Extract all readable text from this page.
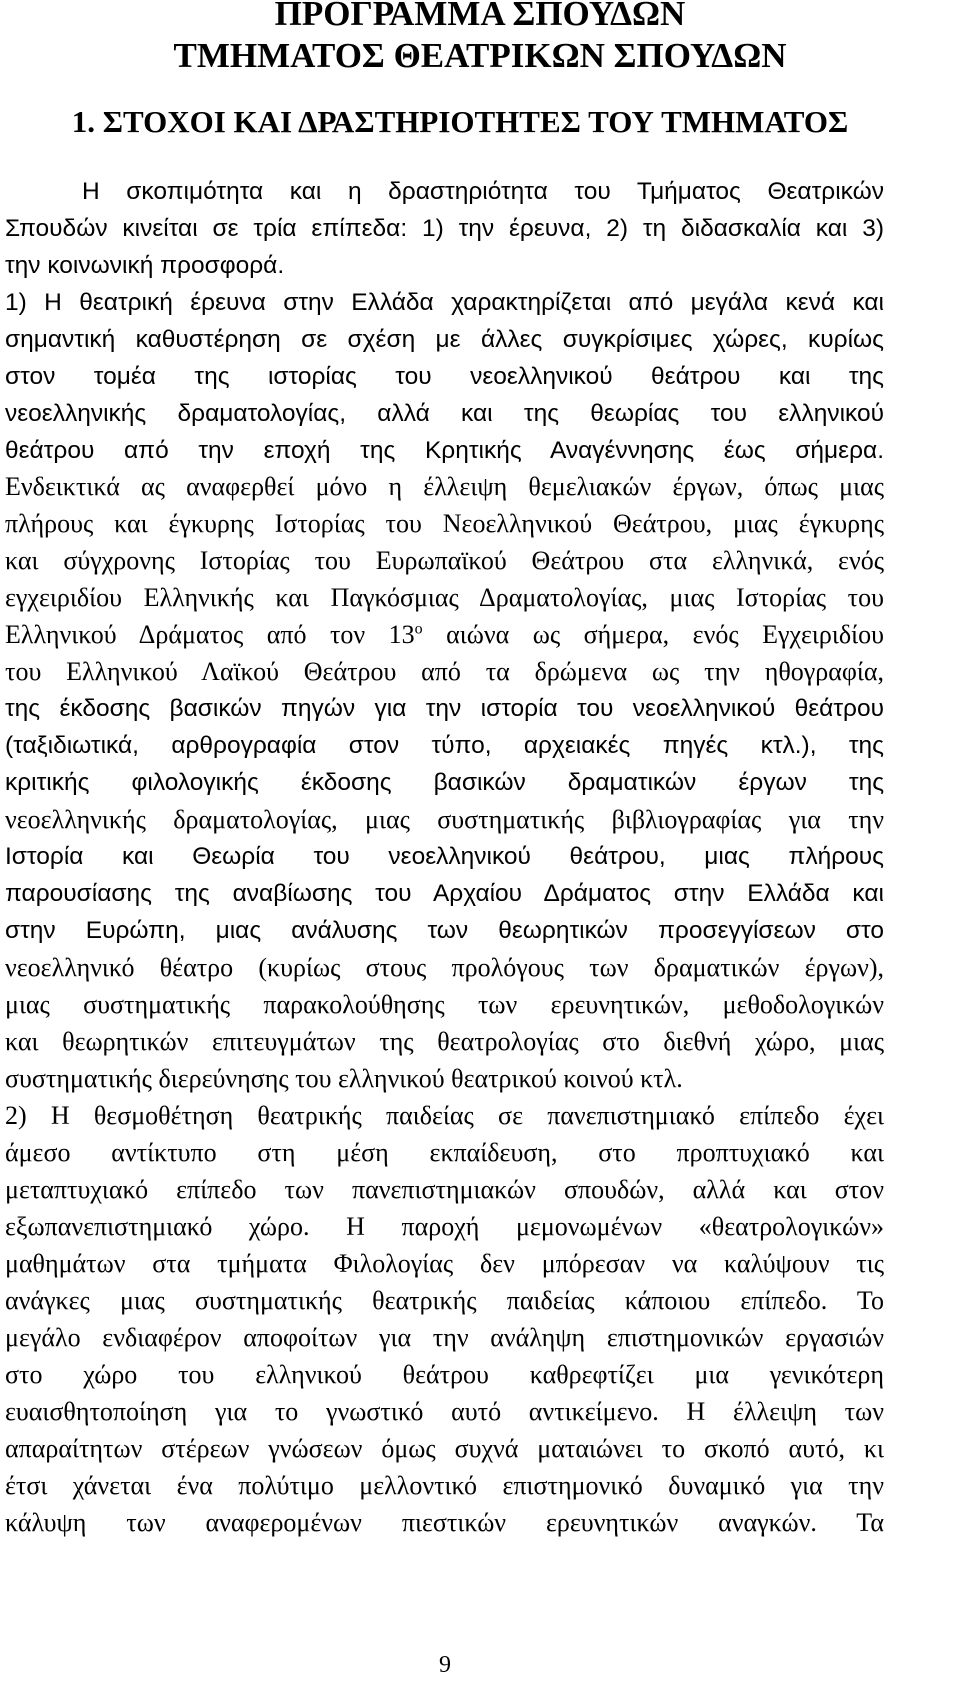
ΠΡΟΓΡΑΜΜΑ ΣΠΟΥΔΩΝ
ΤΜΗΜΑΤΟΣ ΘΕΑΤΡΙΚΩΝ ΣΠΟΥΔΩΝ
1. ΣΤΟΧΟΙ ΚΑΙ ΔΡΑΣΤΗΡΙΟΤΗΤΕΣ ΤΟΥ ΤΜΗΜΑΤΟΣ

Η σκοπιμότητα και η δραστηριότητα του Τμήματος Θεατρικών

Σπουδών κινείται σε τρία επίπεδα: 1) την έρευνα, 2) τη διδασκαλία και 3)

την κοινωνική προσφορά.

1) Η θεατρική έρευνα στην Ελλάδα χαρακτηρίζεται από μεγάλα κενά και

σημαντική καθυστέρηση σε σχέση με άλλες συγκρίσιμες χώρες, κυρίως

στον τομέα της ιστορίας του νεοελληνικού θεάτρου και της

νεοελληνικής δραματολογίας, αλλά και της θεωρίας του ελληνικού

θεάτρου από την εποχή της Κρητικής Αναγέννησης έως σήμερα.

Ενδεικτικά ας αναφερθεί μόνο η έλλειψη θεμελιακών έργων, όπως μιας

πλήρους και έγκυρης Ιστορίας του Νεοελληνικού Θεάτρου, μιας έγκυρης

και σύγχρονης Ιστορίας του Ευρωπαϊκού Θεάτρου στα ελληνικά, ενός

εγχειριδίου Ελληνικής και Παγκόσμιας Δραματολογίας, μιας Ιστορίας του

Ελληνικού Δράματος από τον $13^o$ αιώνα ως σήμερα, ενός Εγχειριδίου

του Ελληνικού Λαϊκού Θεάτρου από τα δρώμενα ως την ηθογραφία,

της έκδοσης βασικών πηγών για την ιστορία του νεοελληνικού θεάτρου

(ταξιδιωτικά, αρθρογραφία στον τύπο, αρχειακές πηγές κτλ.), της

κριτικής φιλολογικής έκδοσης βασικών δραματικών έργων της

νεοελληνικής δραματολογίας, μιας συστηματικής βιβλιογραφίας για την

Ιστορία και Θεωρία του νεοελληνικού θεάτρου, μιας πλήρους

παρουσίασης της αναβίωσης του Αρχαίου Δράματος στην Ελλάδα και

στην Ευρώπη, μιας ανάλυσης των θεωρητικών προσεγγίσεων στο

νεοελληνικό θέατρο (κυρίως στους προλόγους των δραματικών έργων),

μιας συστηματικής παρακολούθησης των ερευνητικών, μεθοδολογικών

και θεωρητικών επιτευγμάτων της θεατρολογίας στο διεθνή χώρο, μιας

συστηματικής διερεύνησης του ελληνικού θεατρικού κοινού κτλ.

2) Η θεσμοθέτηση θεατρικής παιδείας σε πανεπιστημιακό επίπεδο έχει

άμεσο αντίκτυπο στη μέση εκπαίδευση, στο προπτυχιακό και

μεταπτυχιακό επίπεδο των πανεπιστημιακών σπουδών, αλλά και στον

εξωπανεπιστημιακό χώρο. Η παροχή μεμονωμένων «θεατρολογικών»

μαθημάτων στα τμήματα Φιλολογίας δεν μπόρεσαν να καλύψουν τις

ανάγκες μιας συστηματικής θεατρικής παιδείας κάποιου επίπεδο. Το

μεγάλο ενδιαφέρον αποφοίτων για την ανάληψη επιστημονικών εργασιών

στο χώρο του ελληνικού θεάτρου καθρεφτίζει μια γενικότερη

ευαισθητοποίηση για το γνωστικό αυτό αντικείμενο. Η έλλειψη των

απαραίτητων στέρεων γνώσεων όμως συχνά ματαιώνει το σκοπό αυτό, κι

έτσι χάνεται ένα πολύτιμο μελλοντικό επιστημονικό δυναμικό για την

κάλυψη των αναφερομένων πιεστικών ερευνητικών αναγκών. Τα

9
